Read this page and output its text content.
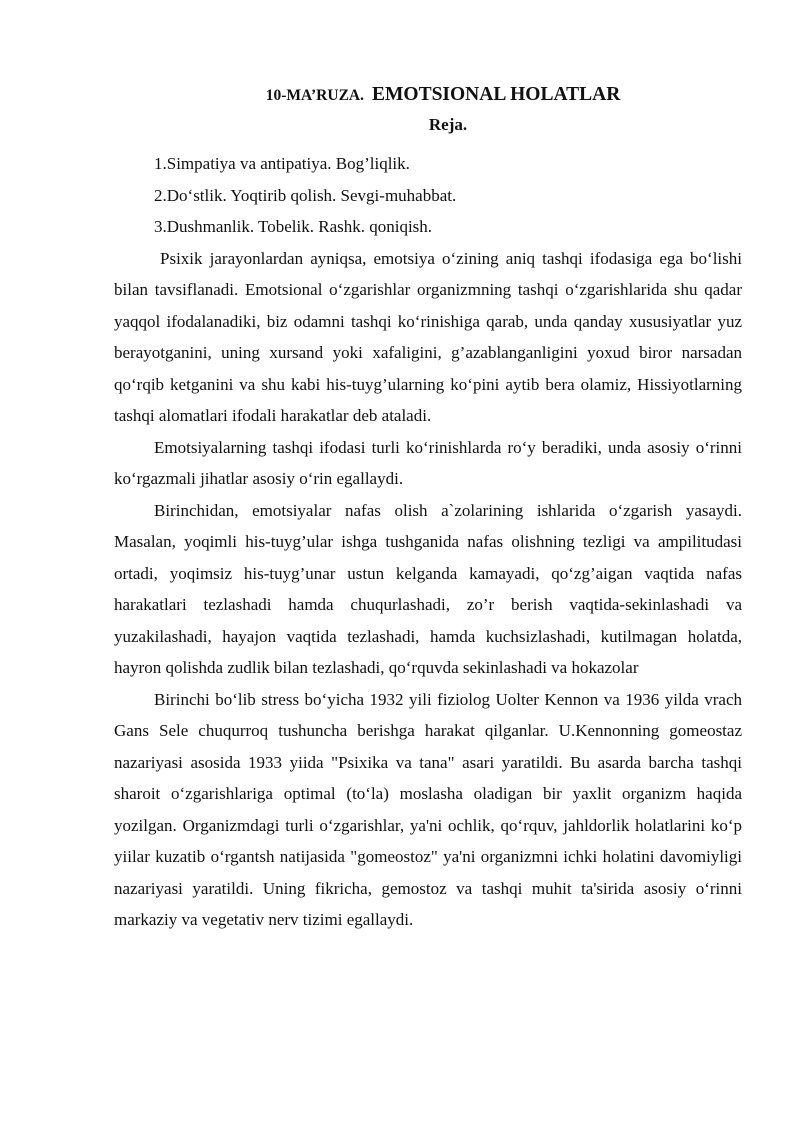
10-MA’RUZA. EMOTSIONAL HOLATLAR
Reja.
1.Simpatiya va antipatiya. Bog’liqlik.
2.Do‘stlik. Yoqtirib qolish. Sevgi-muhabbat.
3.Dushmanlik. Tobelik. Rashk. qoniqish.

Psixik jarayonlardan ayniqsa, emotsiya o‘zining aniq tashqi ifodasiga ega bo‘lishi bilan tavsiflanadi. Emotsional o‘zgarishlar organizmning tashqi o‘zgarishlarida shu qadar yaqqol ifodalanadiki, biz odamni tashqi ko‘rinishiga qarab, unda qanday xususiyatlar yuz berayotganini, uning xursand yoki xafaligini, g’azablanganligini yoxud biror narsadan qo‘rqib ketganini va shu kabi his-tuyg’ularning ko‘pini aytib bera olamiz, Hissiyotlarning tashqi alomatlari ifodali harakatlar deb ataladi.

Emotsiyalarning tashqi ifodasi turli ko‘rinishlarda ro‘y beradiki, unda asosiy o‘rinni ko‘rgazmali jihatlar asosiy o‘rin egallaydi.

Birinchidan, emotsiyalar nafas olish a`zolarining ishlarida o‘zgarish yasaydi. Masalan, yoqimli his-tuyg’ular ishga tushganida nafas olishning tezligi va ampilitudasi ortadi, yoqimsiz his-tuyg’unar ustun kelganda kamayadi, qo‘zg’aigan vaqtida nafas harakatlari tezlashadi hamda chuqurlashadi, zo’r berish vaqtida-sekinlashadi va yuzakilashadi, hayajon vaqtida tezlashadi, hamda kuchsizlashadi, kutilmagan holatda, hayron qolishda zudlik bilan tezlashadi, qo‘rquvda sekinlashadi va hokazolar

Birinchi bo‘lib stress bo‘yicha 1932 yili fiziolog Uolter Kennon va 1936 yilda vrach Gans Sele chuqurroq tushuncha berishga harakat qilganlar. U.Kennonning gomeostaz nazariyasi asosida 1933 yiida "Psixika va tana" asari yaratildi. Bu asarda barcha tashqi sharoit o‘zgarishlariga optimal (to‘la) moslasha oladigan bir yaxlit organizm haqida yozilgan. Organizmdagi turli o‘zgarishlar, ya'ni ochlik, qo‘rquv, jahldorlik holatlarini ko‘p yiilar kuzatib o‘rgantsh natijasida "gomeostoz" ya'ni organizmni ichki holatini davomiyligi nazariyasi yaratildi. Uning fikricha, gemostoz va tashqi muhit ta'sirida asosiy o‘rinni markaziy va vegetativ nerv tizimi egallaydi.
